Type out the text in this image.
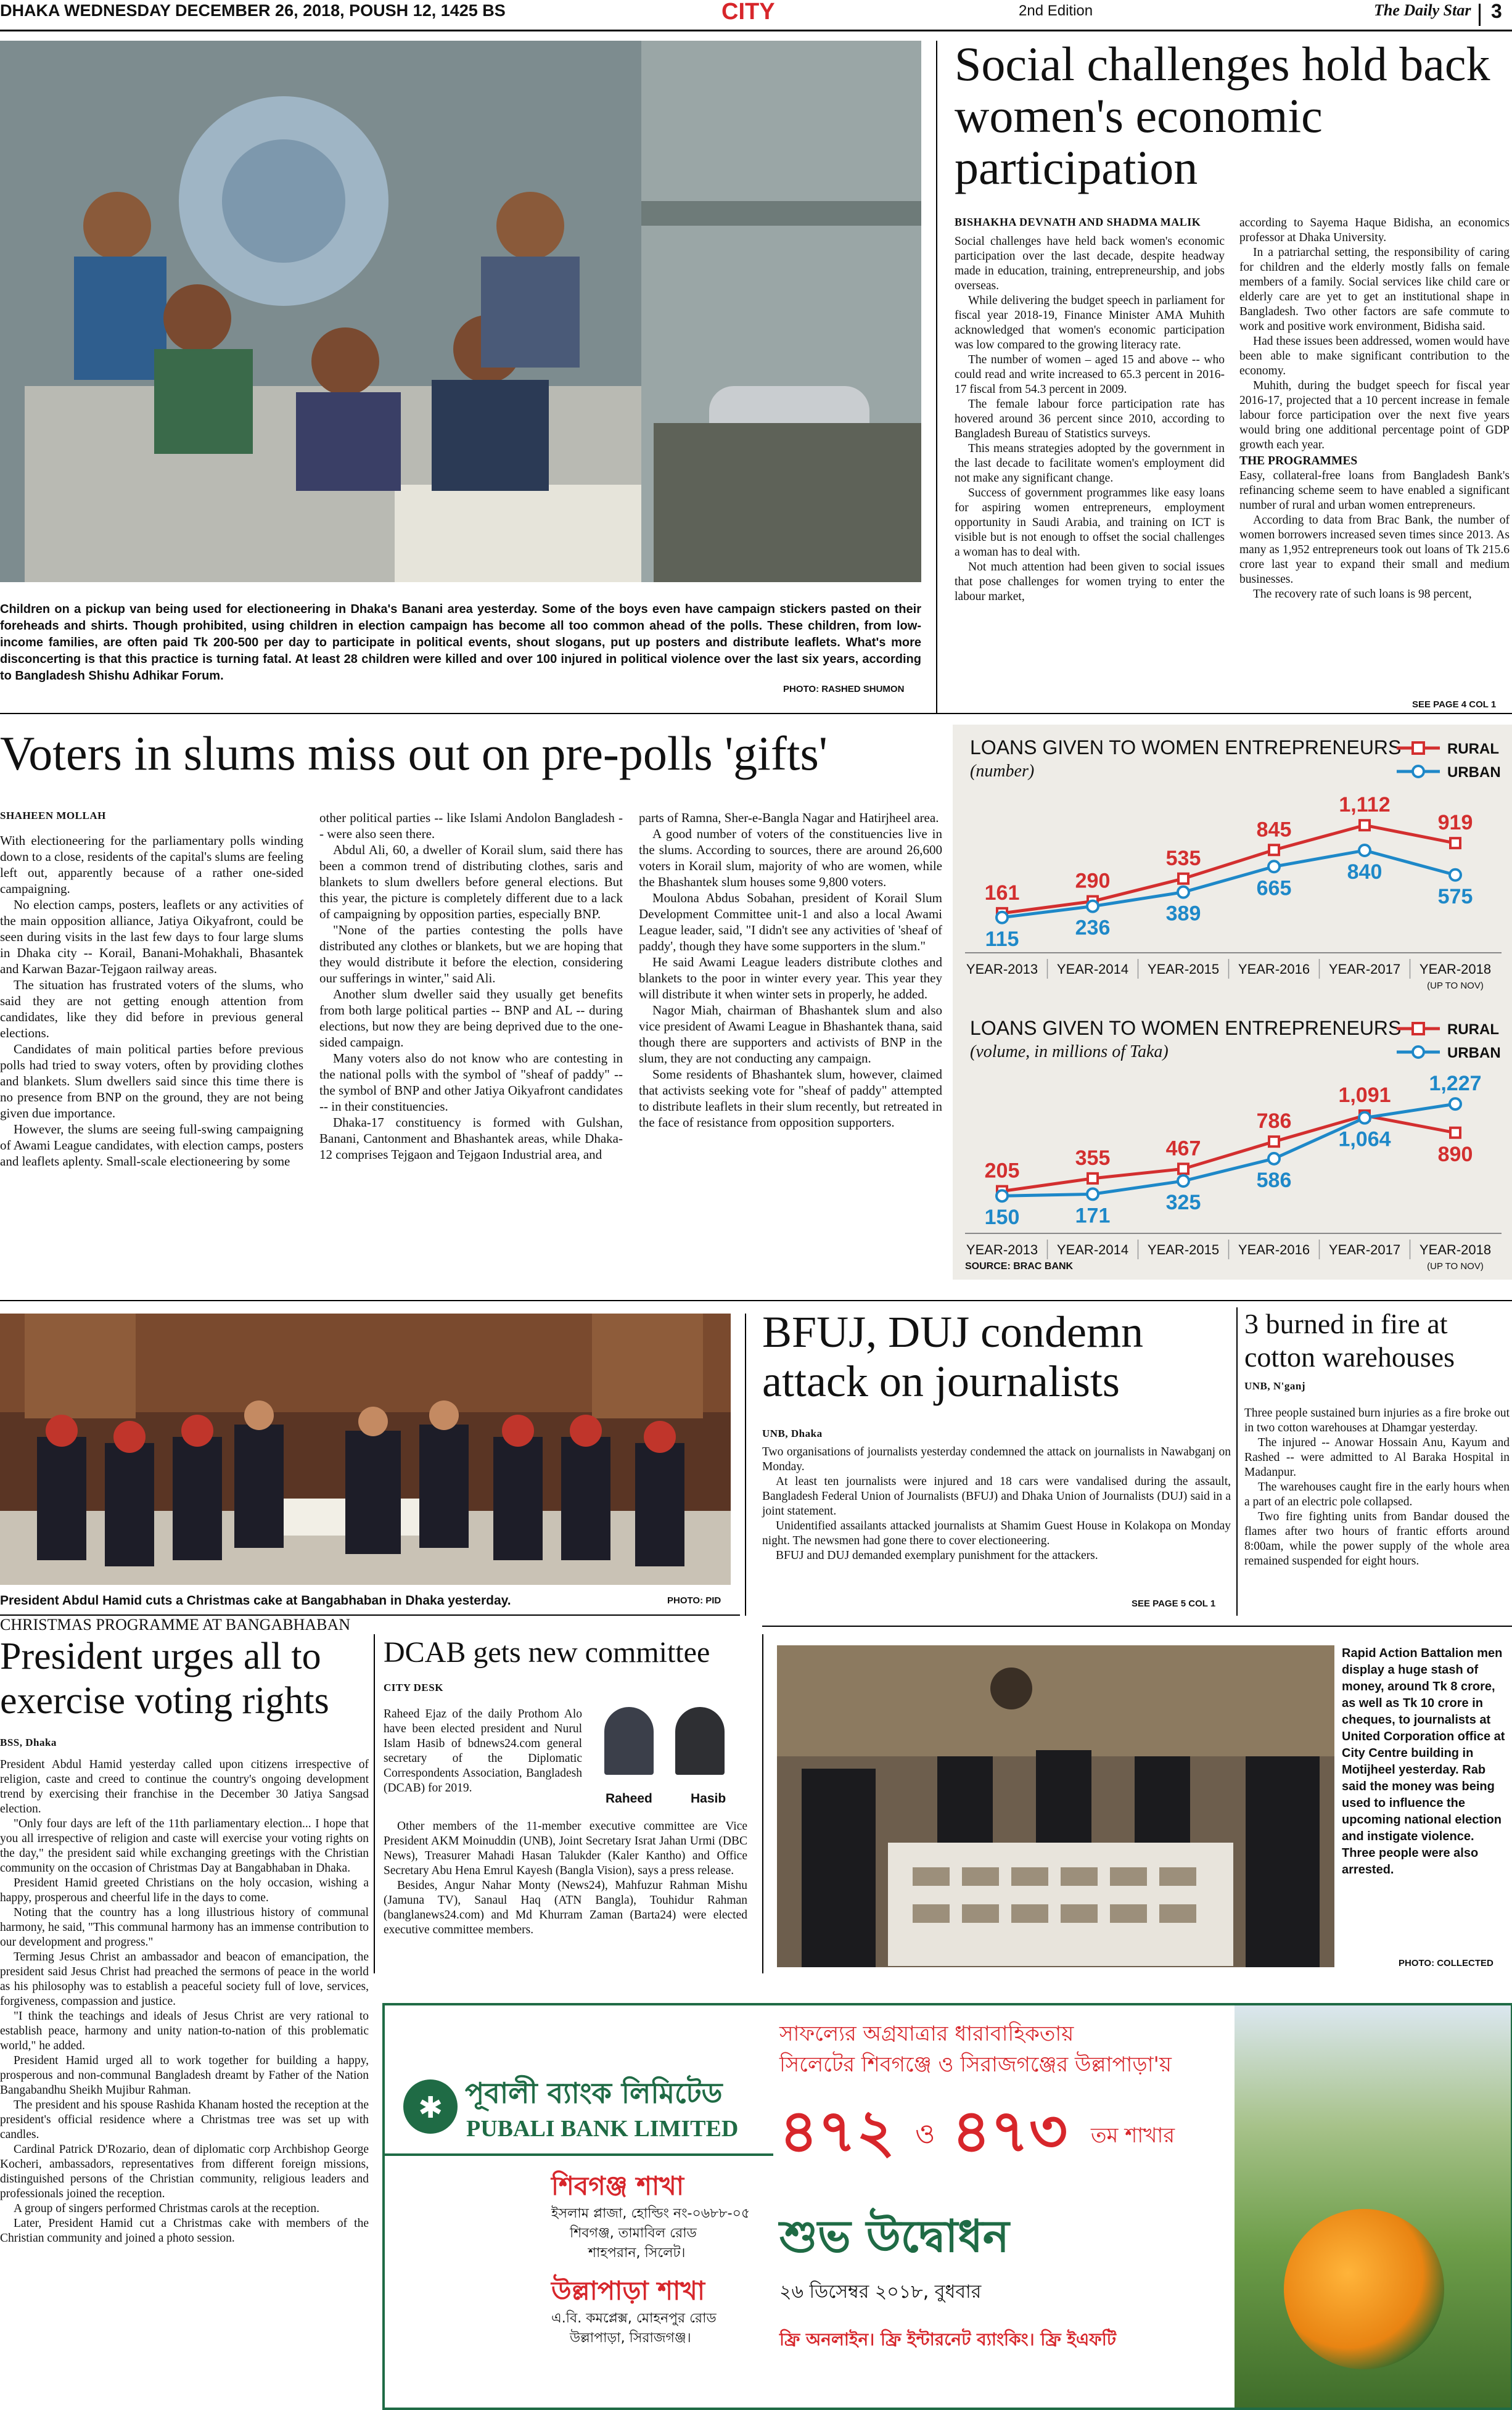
DHAKA WEDNESDAY DECEMBER 26, 2018, POUSH 12, 1425 BS	CITY	2nd Edition	The Daily Star 3
Children on a pickup van being used for electioneering in Dhaka's Banani area yesterday. Some of the boys even have campaign stickers pasted on their foreheads and shirts. Though prohibited, using children in election campaign has become all too common ahead of the polls. These children, from low-income families, are often paid Tk 200-500 per day to participate in political events, shout slogans, put up posters and distribute leaflets. What's more disconcerting is that this practice is turning fatal. At least 28 children were killed and over 100 injured in political violence over the last six years, according to Bangladesh Shishu Adhikar Forum.
PHOTO: RASHED SHUMON
Social challenges hold back women's economic participation
BISHAKHA DEVNATH AND SHADMA MALIK

Social challenges have held back women's economic participation over the last decade, despite headway made in education, training, entrepreneurship, and jobs overseas.

While delivering the budget speech in parliament for fiscal year 2018-19, Finance Minister AMA Muhith acknowledged that women's economic participation was low compared to the growing literacy rate.

The number of women – aged 15 and above -- who could read and write increased to 65.3 percent in 2016-17 fiscal from 54.3 percent in 2009.

The female labour force participation rate has hovered around 36 percent since 2010, according to Bangladesh Bureau of Statistics surveys.

This means strategies adopted by the government in the last decade to facilitate women's employment did not make any significant change.

Success of government programmes like easy loans for aspiring women entrepreneurs, employment opportunity in Saudi Arabia, and training on ICT is visible but is not enough to offset the social challenges a woman has to deal with.

Not much attention had been given to social issues that pose challenges for women trying to enter the labour market,

according to Sayema Haque Bidisha, an economics professor at Dhaka University.

In a patriarchal setting, the responsibility of caring for children and the elderly mostly falls on female members of a family. Social services like child care or elderly care are yet to get an institutional shape in Bangladesh. Two other factors are safe commute to work and positive work environment, Bidisha said.

Had these issues been addressed, women would have been able to make significant contribution to the economy.

Muhith, during the budget speech for fiscal year 2016-17, projected that a 10 percent increase in female labour force participation over the next five years would bring one additional percentage point of GDP growth each year.

THE PROGRAMMES

Easy, collateral-free loans from Bangladesh Bank's refinancing scheme seem to have enabled a significant number of rural and urban women entrepreneurs.

According to data from Brac Bank, the number of women borrowers increased seven times since 2013. As many as 1,952 entrepreneurs took out loans of Tk 215.6 crore last year to expand their small and medium businesses.

The recovery rate of such loans is 98 percent,

SEE PAGE 4 COL 1
Voters in slums miss out on pre-polls 'gifts'
SHAHEEN MOLLAH

With electioneering for the parliamentary polls winding down to a close, residents of the capital's slums are feeling left out, apparently because of a rather one-sided campaigning.

No election camps, posters, leaflets or any activities of the main opposition alliance, Jatiya Oikyafront, could be seen during visits in the last few days to four large slums in Dhaka city -- Korail, Banani-Mohakhali, Bhasantek and Karwan Bazar-Tejgaon railway areas.

The situation has frustrated voters of the slums, who said they are not getting enough attention from candidates, like they did before in previous general elections.

Candidates of main political parties before previous polls had tried to sway voters, often by providing clothes and blankets. Slum dwellers said since this time there is no presence from BNP on the ground, they are not being given due importance.

However, the slums are seeing full-swing campaigning of Awami League candidates, with election camps, posters and leaflets aplenty. Small-scale electioneering by some

other political parties -- like Islami Andolon Bangladesh -- were also seen there.

Abdul Ali, 60, a dweller of Korail slum, said there has been a common trend of distributing clothes, saris and blankets to slum dwellers before general elections. But this year, the picture is completely different due to a lack of campaigning by opposition parties, especially BNP.

"None of the parties contesting the polls have distributed any clothes or blankets, but we are hoping that they would distribute it before the election, considering our sufferings in winter," said Ali.

Another slum dweller said they usually get benefits from both large political parties -- BNP and AL -- during elections, but now they are being deprived due to the one-sided campaign.

Many voters also do not know who are contesting in the national polls with the symbol of "sheaf of paddy" -- the symbol of BNP and other Jatiya Oikyafront candidates -- in their constituencies.

Dhaka-17 constituency is formed with Gulshan, Banani, Cantonment and Bhashantek areas, while Dhaka-12 comprises Tejgaon and Tejgaon Industrial area, and

parts of Ramna, Sher-e-Bangla Nagar and Hatirjheel area.

A good number of voters of the constituencies live in the slums. According to sources, there are around 26,600 voters in Korail slum, majority of who are women, while the Bhashantek slum houses some 9,800 voters.

Moulona Abdus Sobahan, president of Korail Slum Development Committee unit-1 and also a local Awami League leader, said, "I didn't see any activities of 'sheaf of paddy', though they have some supporters in the slum."

He said Awami League leaders distribute clothes and blankets to the poor in winter every year. This year they will distribute it when winter sets in properly, he added.

Nagor Miah, chairman of Bhashantek slum and also vice president of Awami League in Bhashantek thana, said though there are supporters and activists of BNP in the slum, they are not conducting any campaign.

Some residents of Bhashantek slum, however, claimed that activists seeking vote for "sheaf of paddy" attempted to distribute leaflets in their slum recently, but retreated in the face of resistance from opposition supporters.

LOANS GIVEN TO WOMEN ENTREPRENEURS
(number)
RURAL
URBAN
161
115
290
236
535
389
845
665
1,112
840
919
575
YEAR-2013 YEAR-2014 YEAR-2015 YEAR-2016 YEAR-2017 YEAR-2018
(UP TO NOV)
LOANS GIVEN TO WOMEN ENTREPRENEURS
(volume, in millions of Taka)
RURAL
URBAN
205
150
355
171
467
325
786
586
1,091
1,064
890
1,227
YEAR-2013 YEAR-2014 YEAR-2015 YEAR-2016 YEAR-2017 YEAR-2018
(UP TO NOV)
SOURCE: BRAC BANK
President Abdul Hamid cuts a Christmas cake at Bangabhaban in Dhaka yesterday.	PHOTO: PID
BFUJ, DUJ condemn attack on journalists
UNB, Dhaka

Two organisations of journalists yesterday condemned the attack on journalists in Nawabganj on Monday.

At least ten journalists were injured and 18 cars were vandalised during the assault, Bangladesh Federal Union of Journalists (BFUJ) and Dhaka Union of Journalists (DUJ) said in a joint statement.

Unidentified assailants attacked journalists at Shamim Guest House in Kolakopa on Monday night. The newsmen had gone there to cover electioneering.

BFUJ and DUJ demanded exemplary punishment for the attackers.

SEE PAGE 5 COL 1
3 burned in fire at cotton warehouses
UNB, N'ganj

Three people sustained burn injuries as a fire broke out in two cotton warehouses at Dhamgar yesterday.

The injured -- Anowar Hossain Anu, Kayum and Rashed -- were admitted to Al Baraka Hospital in Madanpur.

The warehouses caught fire in the early hours when a part of an electric pole collapsed.

Two fire fighting units from Bandar doused the flames after two hours of frantic efforts around 8:00am, while the power supply of the whole area remained suspended for eight hours.

CHRISTMAS PROGRAMME AT BANGABHABAN
President urges all to exercise voting rights
BSS, Dhaka

President Abdul Hamid yesterday called upon citizens irrespective of religion, caste and creed to continue the country's ongoing development trend by exercising their franchise in the December 30 Jatiya Sangsad election.

"Only four days are left of the 11th parliamentary election... I hope that you all irrespective of religion and caste will exercise your voting rights on the day," the president said while exchanging greetings with the Christian community on the occasion of Christmas Day at Bangabhaban in Dhaka.

President Hamid greeted Christians on the holy occasion, wishing a happy, prosperous and cheerful life in the days to come.

Noting that the country has a long illustrious history of communal harmony, he said, "This communal harmony has an immense contribution to our development and progress."

Terming Jesus Christ an ambassador and beacon of emancipation, the president said Jesus Christ had preached the sermons of peace in the world as his philosophy was to establish a peaceful society full of love, services, forgiveness, compassion and justice.

"I think the teachings and ideals of Jesus Christ are very rational to establish peace, harmony and unity nation-to-nation of this problematic world," he added.

President Hamid urged all to work together for building a happy, prosperous and non-communal Bangladesh dreamt by Father of the Nation Bangabandhu Sheikh Mujibur Rahman.

The president and his spouse Rashida Khanam hosted the reception at the president's official residence where a Christmas tree was set up with candles.

Cardinal Patrick D'Rozario, dean of diplomatic corp Archbishop George Kocheri, ambassadors, representatives from different foreign missions, distinguished persons of the Christian community, religious leaders and professionals joined the reception.

A group of singers performed Christmas carols at the reception.

Later, President Hamid cut a Christmas cake with members of the Christian community and joined a photo session.

DCAB gets new committee
CITY DESK
Raheed Ejaz of the daily Prothom Alo have been elected president and Nurul Islam Hasib of bdnews24.com general secretary of the Diplomatic Correspondents Association, Bangladesh (DCAB) for 2019.
Raheed	Hasib

Other members of the 11-member executive committee are Vice President AKM Moinuddin (UNB), Joint Secretary Israt Jahan Urmi (DBC News), Treasurer Mahadi Hasan Talukder (Kaler Kantho) and Office Secretary Abu Hena Emrul Kayesh (Bangla Vision), says a press release.

Besides, Angur Nahar Monty (News24), Mahfuzur Rahman Mishu (Jamuna TV), Sanaul Haq (ATN Bangla), Touhidur Rahman (banglanews24.com) and Md Khurram Zaman (Barta24) were elected executive committee members.

Rapid Action Battalion men display a huge stash of money, around Tk 8 crore, as well as Tk 10 crore in cheques, to journalists at United Corporation office at City Centre building in Motijheel yesterday. Rab said the money was being used to influence the upcoming national election and instigate violence. Three people were also arrested.
PHOTO: COLLECTED
✱ পূবালী ব্যাংক লিমিটেড
PUBALI BANK LIMITED
শিবগঞ্জ শাখা
ইসলাম প্লাজা, হোল্ডিং নং-০৬৮৮-০৫
শিবগঞ্জ, তামাবিল রোড
শাহপরান, সিলেট।
উল্লাপাড়া শাখা
এ.বি. কমপ্লেক্স, মোহনপুর রোড
উল্লাপাড়া, সিরাজগঞ্জ।
সাফল্যের অগ্রযাত্রার ধারাবাহিকতায়
সিলেটের শিবগঞ্জে ও সিরাজগঞ্জের উল্লাপাড়া'য়
৪৭২ ও ৪৭৩ তম শাখার
শুভ উদ্বোধন
২৬ ডিসেম্বর ২০১৮, বুধবার
ফ্রি অনলাইন। ফ্রি ইন্টারনেট ব্যাংকিং। ফ্রি ইএফটি
